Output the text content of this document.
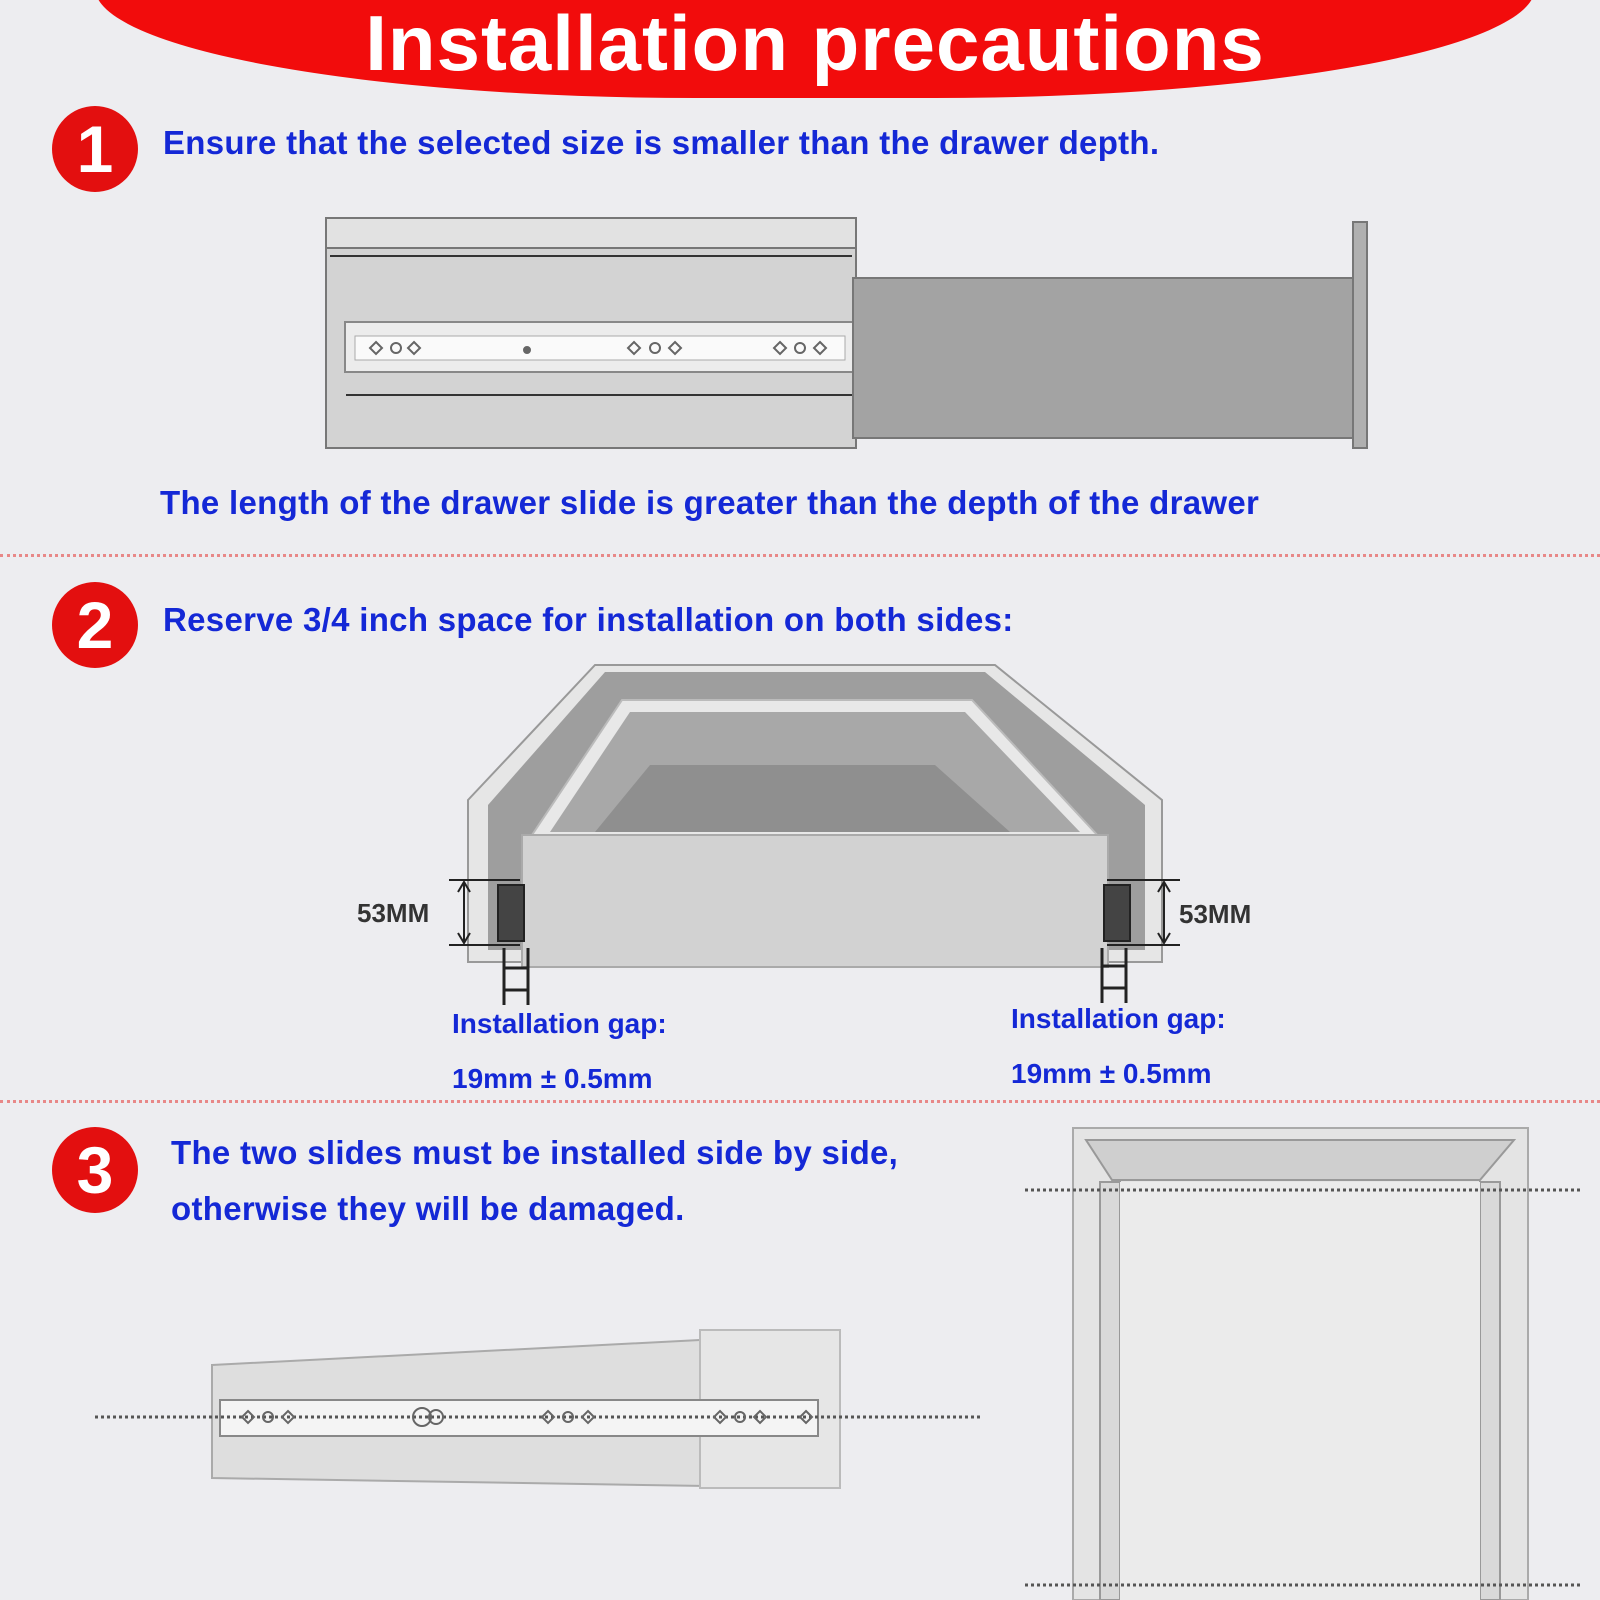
Installation precautions
1	Ensure that the selected size is smaller than the drawer depth.
The length of the drawer slide is greater than the depth of the drawer
2	Reserve 3/4 inch space for installation on both sides:
53MM	53MM
Installation gap:
19mm ± 0.5mm
Installation gap:
19mm ± 0.5mm
3	The two slides must be installed side by side,
otherwise they will be damaged.
